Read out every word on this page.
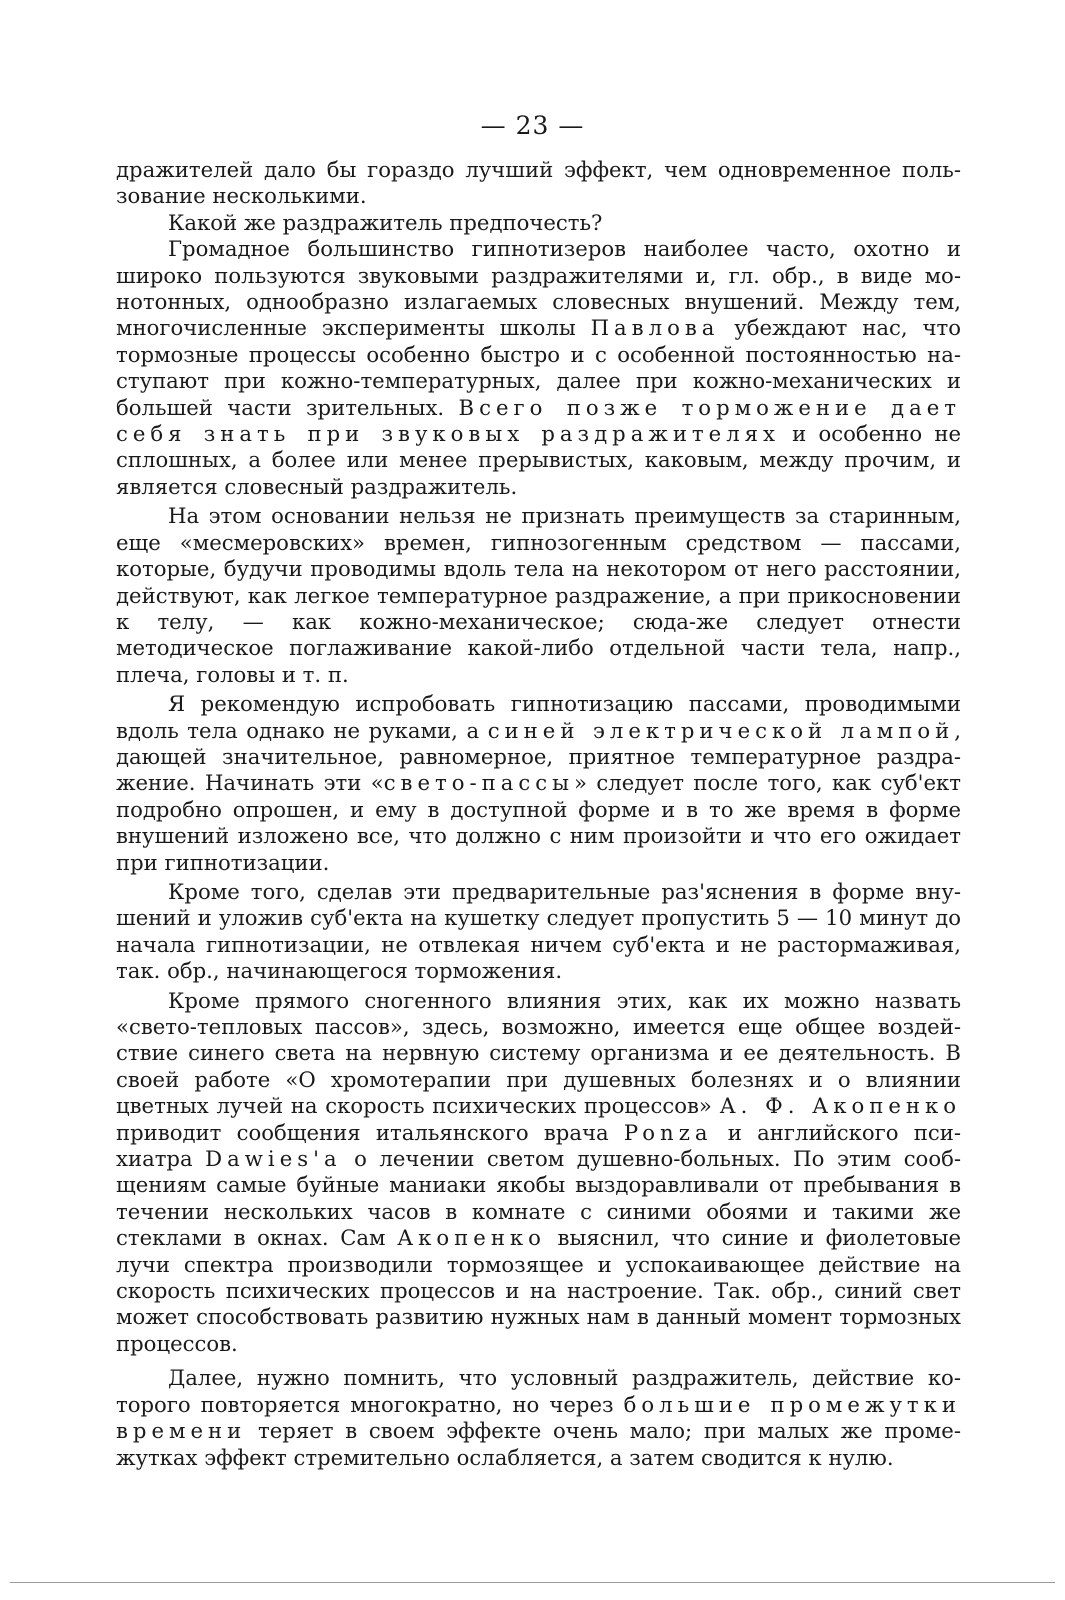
— 23 —

дражителей дало бы гораздо лучший эффект, чем одновременное пользование несколькими.

Какой же раздражитель предпочесть?

Громадное большинство гипнотизеров наиболее часто, охотно и широко пользуются звуковыми раздражителями и, гл. обр., в виде монотонных, однообразно излагаемых словесных внушений. Между тем, многочисленные эксперименты школы Павлова убеждают нас, что тормозные процессы особенно быстро и с особенной постоянностью наступают при кожно-температурных, далее при кожно-механических и большей части зрительных. Всего позже торможение дает себя знать при звуковых раздражителях и особенно не сплошных, а более или менее прерывистых, каковым, между прочим, и является словесный раздражитель.

На этом основании нельзя не признать преимуществ за старинным, еще «месмеровских» времен, гипнозогенным средством — пассами, которые, будучи проводимы вдоль тела на некотором от него расстоянии, действуют, как легкое температурное раздражение, а при прикосновении к телу, — как кожно-механическое; сюда-же следует отнести методическое поглаживание какой-либо отдельной части тела, напр., плеча, головы и т. п.

Я рекомендую испробовать гипнотизацию пассами, проводимыми вдоль тела однако не руками, а синей электрической лампой, дающей значительное, равномерное, приятное температурное раздражение. Начинать эти «свето-пассы» следует после того, как суб'ект подробно опрошен, и ему в доступной форме и в то же время в форме внушений изложено все, что должно с ним произойти и что его ожидает при гипнотизации.

Кроме того, сделав эти предварительные раз'яснения в форме внушений и уложив суб'екта на кушетку следует пропустить 5 — 10 минут до начала гипнотизации, не отвлекая ничем суб'екта и не растормaживая, так. обр., начинающегося торможения.

Кроме прямого сногенного влияния этих, как их можно назвать «свето-тепловых пассов», здесь, возможно, имеется еще общее воздействие синего света на нервную систему организма и ее деятельность. В своей работе «О хромотерапии при душевных болезнях и о влиянии цветных лучей на скорость психических процессов» А. Ф. Акопенко приводит сообщения итальянского врача Ponza и английского психиатра Dawies'a о лечении светом душевно-больных. По этим сообщениям самые буйные маниаки якобы выздоравливали от пребывания в течении нескольких часов в комнате с синими обоями и такими же стеклами в окнах. Сам Акопенко выяснил, что синие и фиолетовые лучи спектра производили тормозящее и успокаивающее действие на скорость психических процессов и на настроение. Так. обр., синий свет может способствовать развитию нужных нам в данный момент тормозных процессов.

Далее, нужно помнить, что условный раздражитель, действие которого повторяется многократно, но через большие промежутки времени теряет в своем эффекте очень мало; при малых же промежутках эффект стремительно ослабляется, а затем сводится к нулю.
